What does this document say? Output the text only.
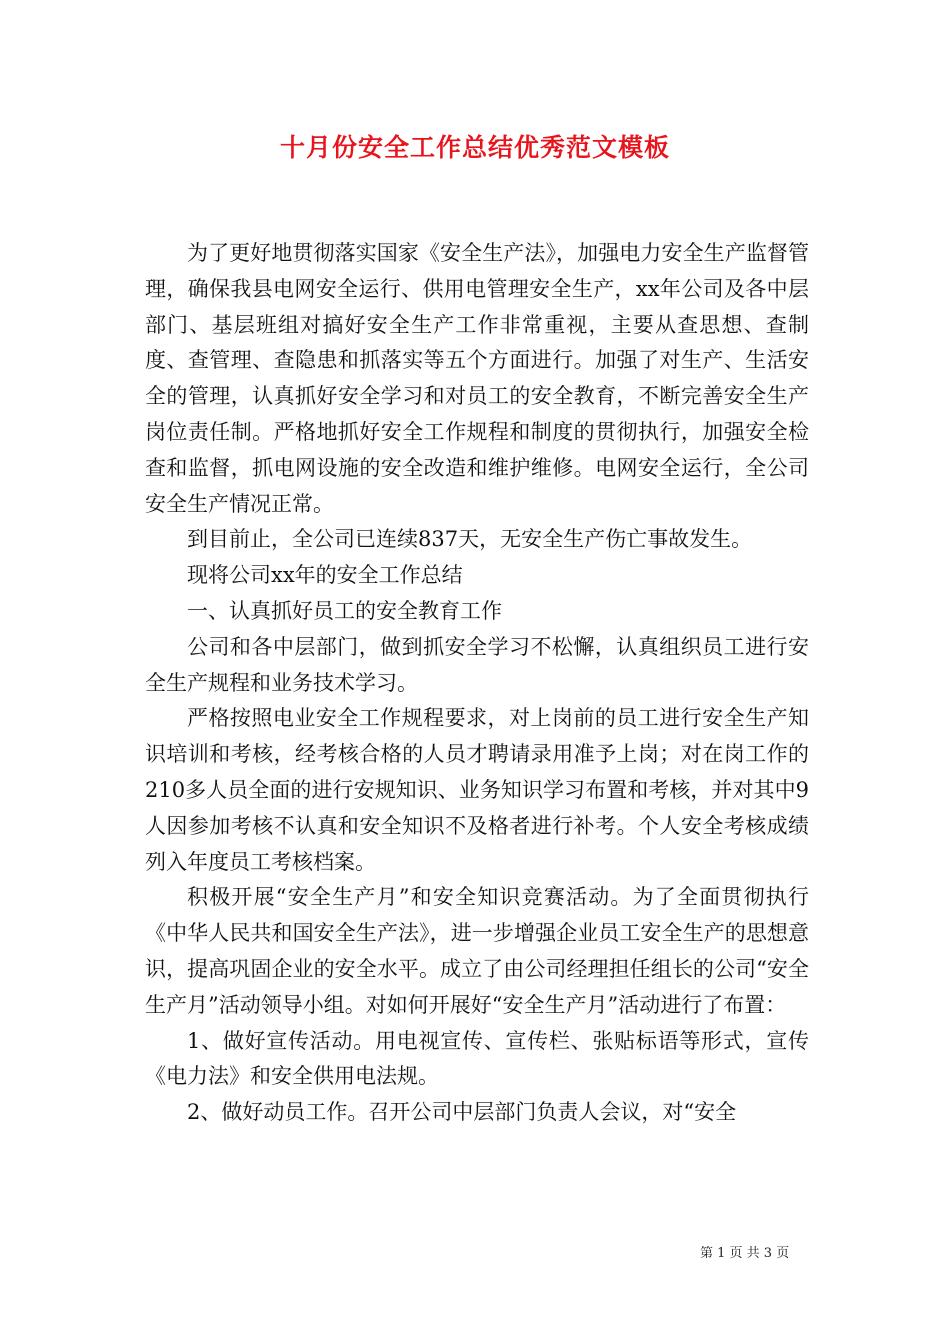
十月份安全工作总结优秀范文模板

为了更好地贯彻落实国家《安全生产法》，加强电力安全生产监督管理，确保我县电网安全运行、供用电管理安全生产，xx年公司及各中层部门、基层班组对搞好安全生产工作非常重视，主要从查思想、查制度、查管理、查隐患和抓落实等五个方面进行。加强了对生产、生活安全的管理，认真抓好安全学习和对员工的安全教育，不断完善安全生产岗位责任制。严格地抓好安全工作规程和制度的贯彻执行，加强安全检查和监督，抓电网设施的安全改造和维护维修。电网安全运行，全公司安全生产情况正常。

到目前止，全公司已连续837天，无安全生产伤亡事故发生。

现将公司xx年的安全工作总结

一、认真抓好员工的安全教育工作

公司和各中层部门，做到抓安全学习不松懈，认真组织员工进行安全生产规程和业务技术学习。

严格按照电业安全工作规程要求，对上岗前的员工进行安全生产知识培训和考核，经考核合格的人员才聘请录用准予上岗；对在岗工作的210多人员全面的进行安规知识、业务知识学习布置和考核，并对其中9人因参加考核不认真和安全知识不及格者进行补考。个人安全考核成绩列入年度员工考核档案。

积极开展“安全生产月”和安全知识竞赛活动。为了全面贯彻执行《中华人民共和国安全生产法》，进一步增强企业员工安全生产的思想意识，提高巩固企业的安全水平。成立了由公司经理担任组长的公司“安全生产月”活动领导小组。对如何开展好“安全生产月”活动进行了布置：

1、做好宣传活动。用电视宣传、宣传栏、张贴标语等形式，宣传《电力法》和安全供用电法规。

2、做好动员工作。召开公司中层部门负责人会议，对“安全

第 1 页 共 3 页
